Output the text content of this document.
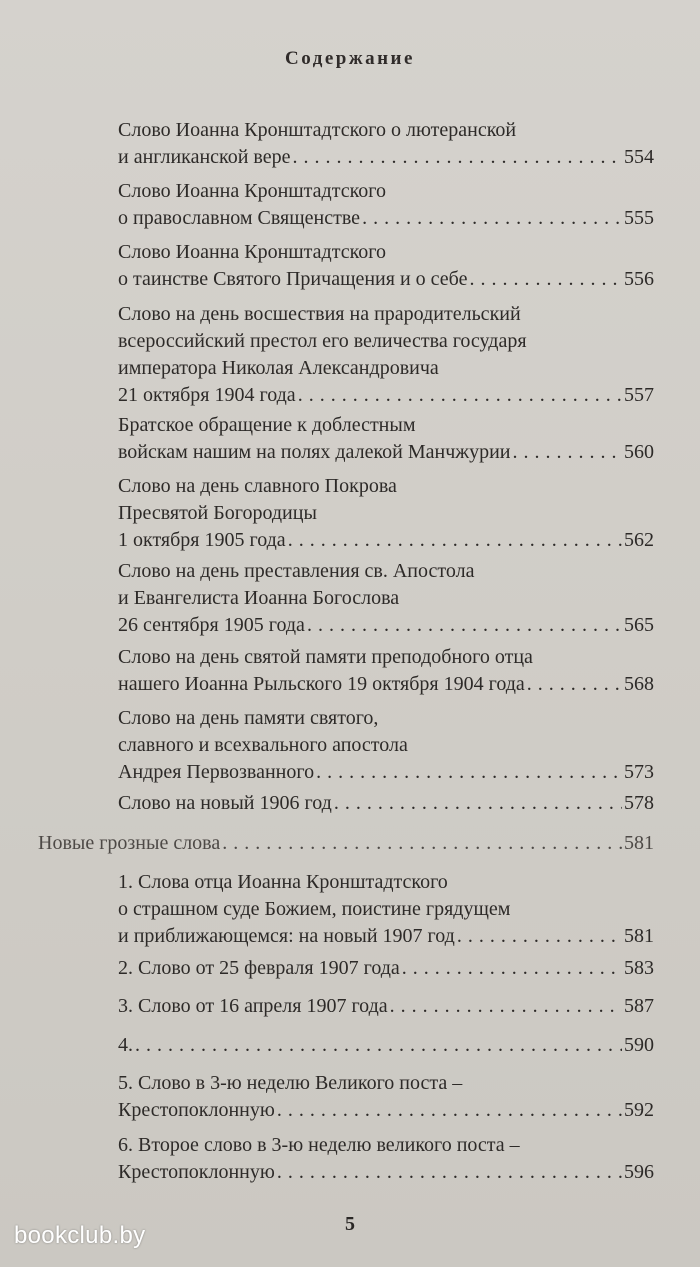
Содержание
Слово Иоанна Кронштадтского о лютеранской
и англиканской вере . . .	554
Слово Иоанна Кронштадтского
о православном Священстве . . .	555
Слово Иоанна Кронштадтского
о таинстве Святого Причащения и о себе . . .	556
Слово на день восшествия на прародительский
всероссийский престол его величества государя
императора Николая Александровича
21 октября 1904 года . . .	557
Братское обращение к доблестным
войскам нашим на полях далекой Манчжурии . . .	560
Слово на день славного Покрова
Пресвятой Богородицы
1 октября 1905 года . . .	562
Слово на день преставления св. Апостола
и Евангелиста Иоанна Богослова
26 сентября 1905 года . . .	565
Слово на день святой памяти преподобного отца
нашего Иоанна Рыльского 19 октября 1904 года . . .	568
Слово на день памяти святого,
славного и всехвального апостола
Андрея Первозванного . . .	573
Слово на новый 1906 год . . .	578
Новые грозные слова . . .	581
1. Слова отца Иоанна Кронштадтского
о страшном суде Божием, поистине грядущем
и приближающемся: на новый 1907 год . . .	581
2. Слово от 25 февраля 1907 года . . .	583
3. Слово от 16 апреля 1907 года . . .	587
4. . . .	590
5. Слово в 3-ю неделю Великого поста –
Крестопоклонную . . .	592
6. Второе слово в 3-ю неделю великого поста –
Крестопоклонную . . .	596
5
bookclub.by
